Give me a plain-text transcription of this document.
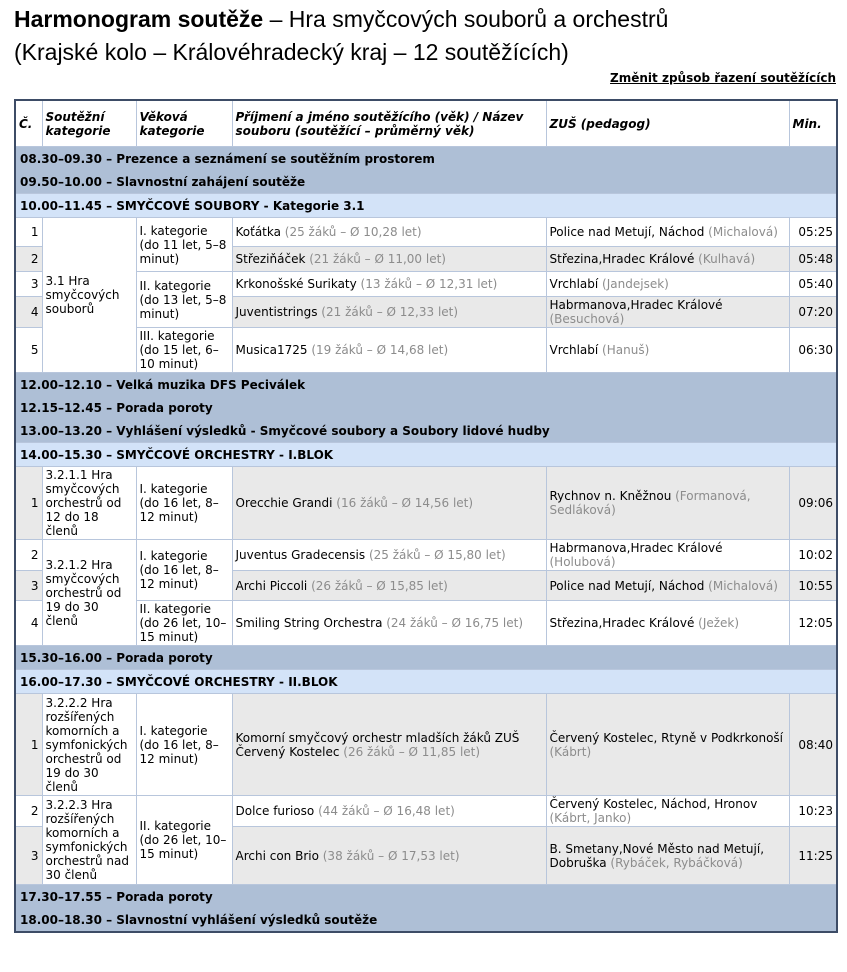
Harmonogram soutěže – Hra smyčcových souborů a orchestrů
(Krajské kolo – Královéhradecký kraj – 12 soutěžících)
Změnit způsob řazení soutěžících
Č.	Soutěžní kategorie	Věková kategorie	Příjmení a jméno soutěžícího (věk) / Název souboru (soutěžící – průměrný věk)	ZUŠ (pedagog)	Min.
08.30–09.30 – Prezence a seznámení se soutěžním prostorem					
09.50–10.00 – Slavnostní zahájení soutěže					
10.00–11.45 – SMYČCOVÉ SOUBORY - Kategorie 3.1					
1	3.1 Hra smyčcových souborů	I. kategorie (do 11 let, 5–8 minut)	Koťátka (25 žáků – Ø 10,28 let)	Police nad Metují, Náchod (Michalová)	05:25
2			Střeziňáček (21 žáků – Ø 11,00 let)	Střezina,Hradec Králové (Kulhavá)	05:48
3		II. kategorie (do 13 let, 5–8 minut)	Krkonošské Surikaty (13 žáků – Ø 12,31 let)	Vrchlabí (Jandejsek)	05:40
4			Juventistrings (21 žáků – Ø 12,33 let)	Habrmanova,Hradec Králové (Besuchová)	07:20
5		III. kategorie (do 15 let, 6–10 minut)	Musica1725 (19 žáků – Ø 14,68 let)	Vrchlabí (Hanuš)	06:30
12.00–12.10 – Velká muzika DFS Peciválek					
12.15–12.45 – Porada poroty					
13.00–13.20 – Vyhlášení výsledků - Smyčcové soubory a Soubory lidové hudby					
14.00–15.30 – SMYČCOVÉ ORCHESTRY - I.BLOK					
1	3.2.1.1 Hra smyčcových orchestrů od 12 do 18 členů	I. kategorie (do 16 let, 8–12 minut)	Orecchie Grandi (16 žáků – Ø 14,56 let)	Rychnov n. Kněžnou (Formanová, Sedláková)	09:06
2	3.2.1.2 Hra smyčcových orchestrů od 19 do 30 členů	I. kategorie (do 16 let, 8–12 minut)	Juventus Gradecensis (25 žáků – Ø 15,80 let)	Habrmanova,Hradec Králové (Holubová)	10:02
3			Archi Piccoli (26 žáků – Ø 15,85 let)	Police nad Metují, Náchod (Michalová)	10:55
4		II. kategorie (do 26 let, 10–15 minut)	Smiling String Orchestra (24 žáků – Ø 16,75 let)	Střezina,Hradec Králové (Ježek)	12:05
15.30–16.00 – Porada poroty					
16.00–17.30 – SMYČCOVÉ ORCHESTRY - II.BLOK					
1	3.2.2.2 Hra rozšířených komorních a symfonických orchestrů od 19 do 30 členů	I. kategorie (do 16 let, 8–12 minut)	Komorní smyčcový orchestr mladších žáků ZUŠ Červený Kostelec (26 žáků – Ø 11,85 let)	Červený Kostelec, Rtyně v Podkrkonoší (Kábrt)	08:40
2	3.2.2.3 Hra rozšířených komorních a symfonických orchestrů nad 30 členů	II. kategorie (do 26 let, 10–15 minut)	Dolce furioso (44 žáků – Ø 16,48 let)	Červený Kostelec, Náchod, Hronov (Kábrt, Janko)	10:23
3			Archi con Brio (38 žáků – Ø 17,53 let)	B. Smetany,Nové Město nad Metují, Dobruška (Rybáček, Rybáčková)	11:25
17.30–17.55 – Porada poroty					
18.00–18.30 – Slavnostní vyhlášení výsledků soutěže					
